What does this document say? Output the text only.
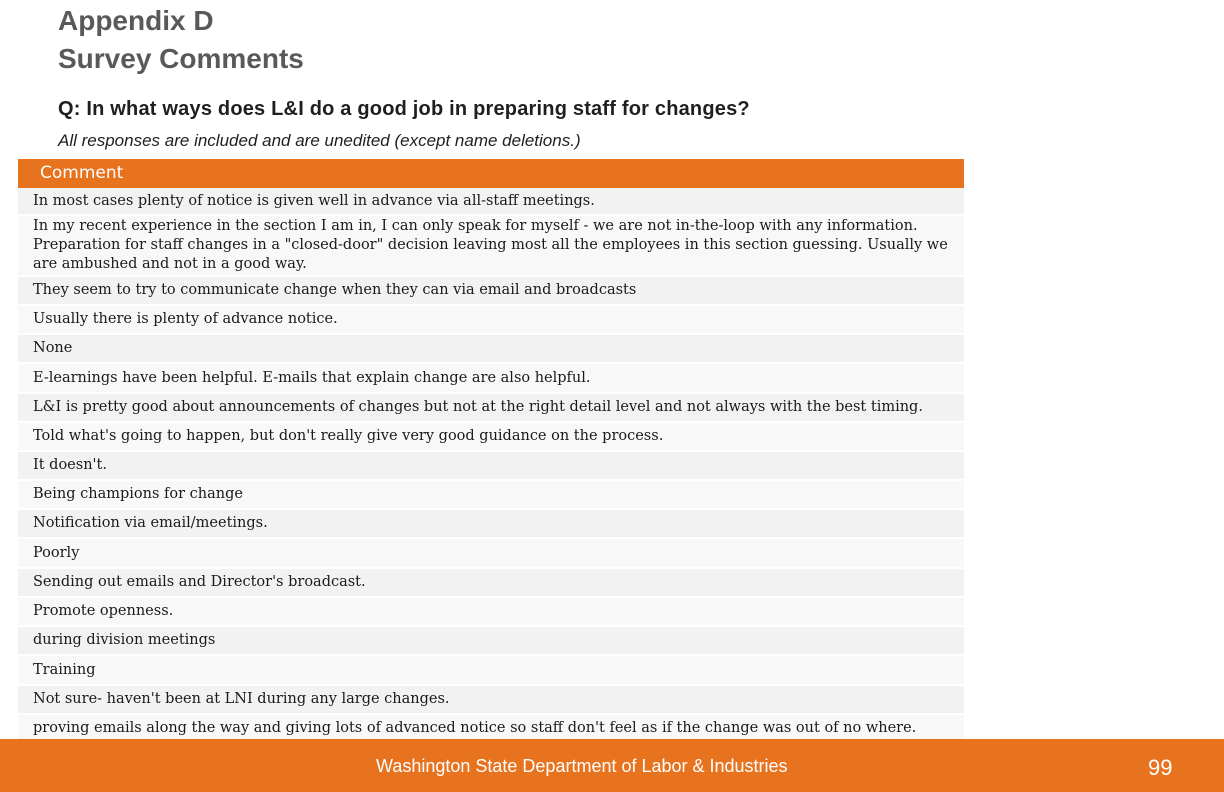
Appendix D
Survey Comments
Q: In what ways does L&I do a good job in preparing staff for changes?
All responses are included and are unedited (except name deletions.)
Comment
In most cases plenty of notice is given well in advance via all-staff meetings.
In my recent experience in the section I am in, I can only speak for myself - we are not in-the-loop with any information. Preparation for staff changes in a "closed-door" decision leaving most all the employees in this section guessing. Usually we are ambushed and not in a good way.
They seem to try to communicate change when they can via email and broadcasts
Usually there is plenty of advance notice.
None
E-learnings have been helpful. E-mails that explain change are also helpful.
L&I is pretty good about announcements of changes but not at the right detail level and not always with the best timing.
Told what's going to happen, but don't really give very good guidance on the process.
It doesn't.
Being champions for change
Notification via email/meetings.
Poorly
Sending out emails and Director's broadcast.
Promote openness.
during division meetings
Training
Not sure- haven't been at LNI during any large changes.
proving emails along the way and giving lots of advanced notice so staff don't feel as if the change was out of no where.
Washington State Department of Labor & Industries	99
